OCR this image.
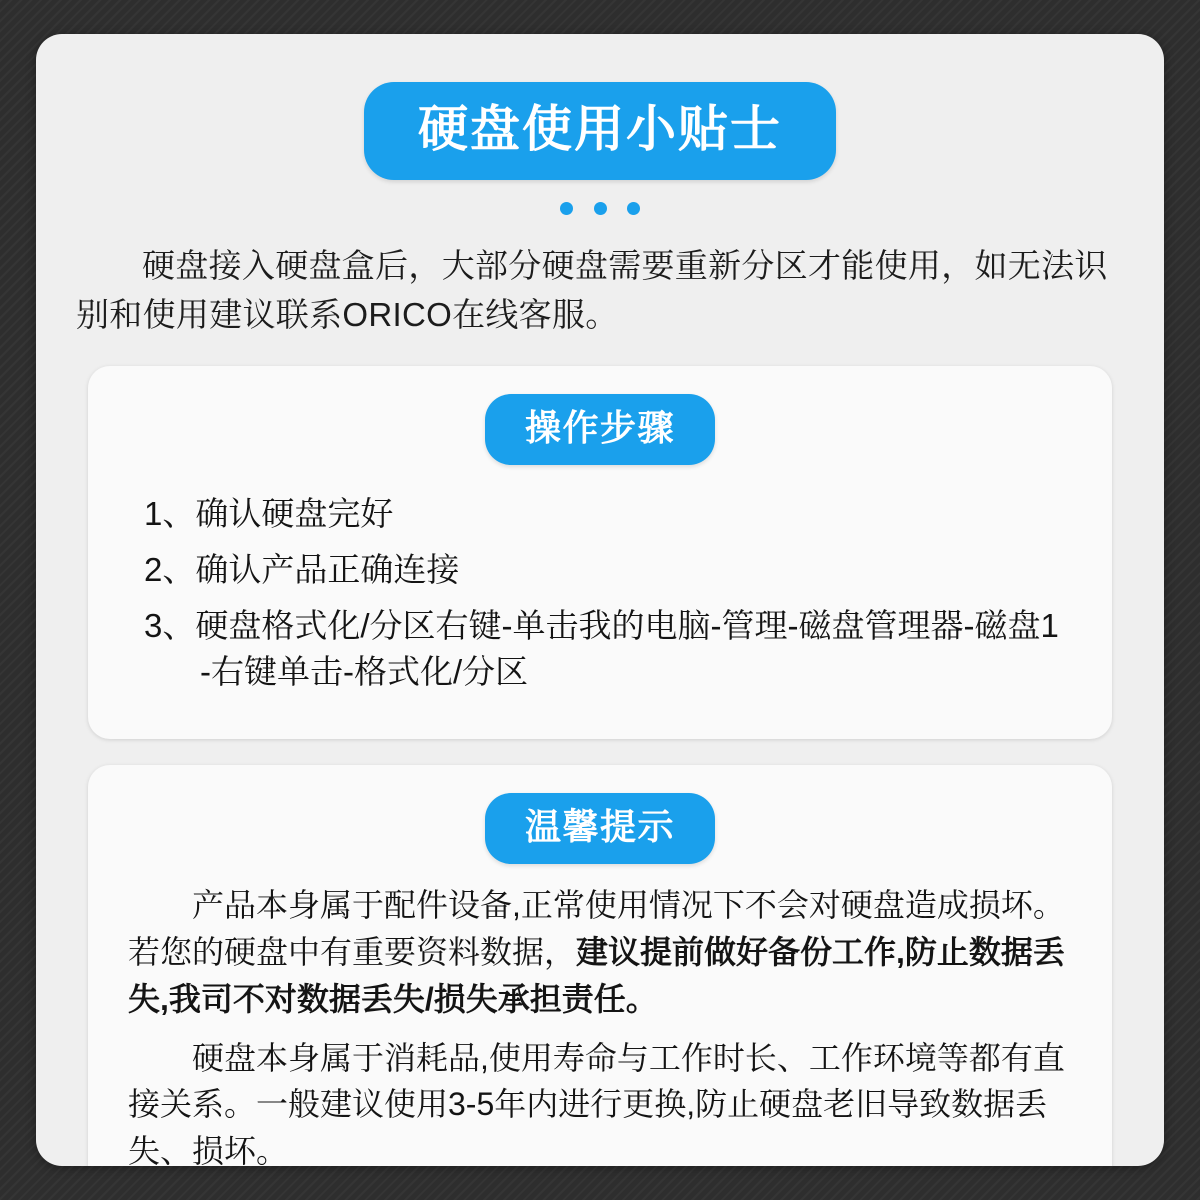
硬盘使用小贴士

硬盘接入硬盘盒后，大部分硬盘需要重新分区才能使用，如无法识别和使用建议联系ORICO在线客服。
操作步骤
1、确认硬盘完好
2、确认产品正确连接
3、硬盘格式化/分区右键-单击我的电脑-管理-磁盘管理器-磁盘1
-右键单击-格式化/分区
温馨提示

产品本身属于配件设备,正常使用情况下不会对硬盘造成损坏。若您的硬盘中有重要资料数据，建议提前做好备份工作,防止数据丢失,我司不对数据丢失/损失承担责任。

硬盘本身属于消耗品,使用寿命与工作时长、工作环境等都有直接关系。一般建议使用3-5年内进行更换,防止硬盘老旧导致数据丢失、损坏。
